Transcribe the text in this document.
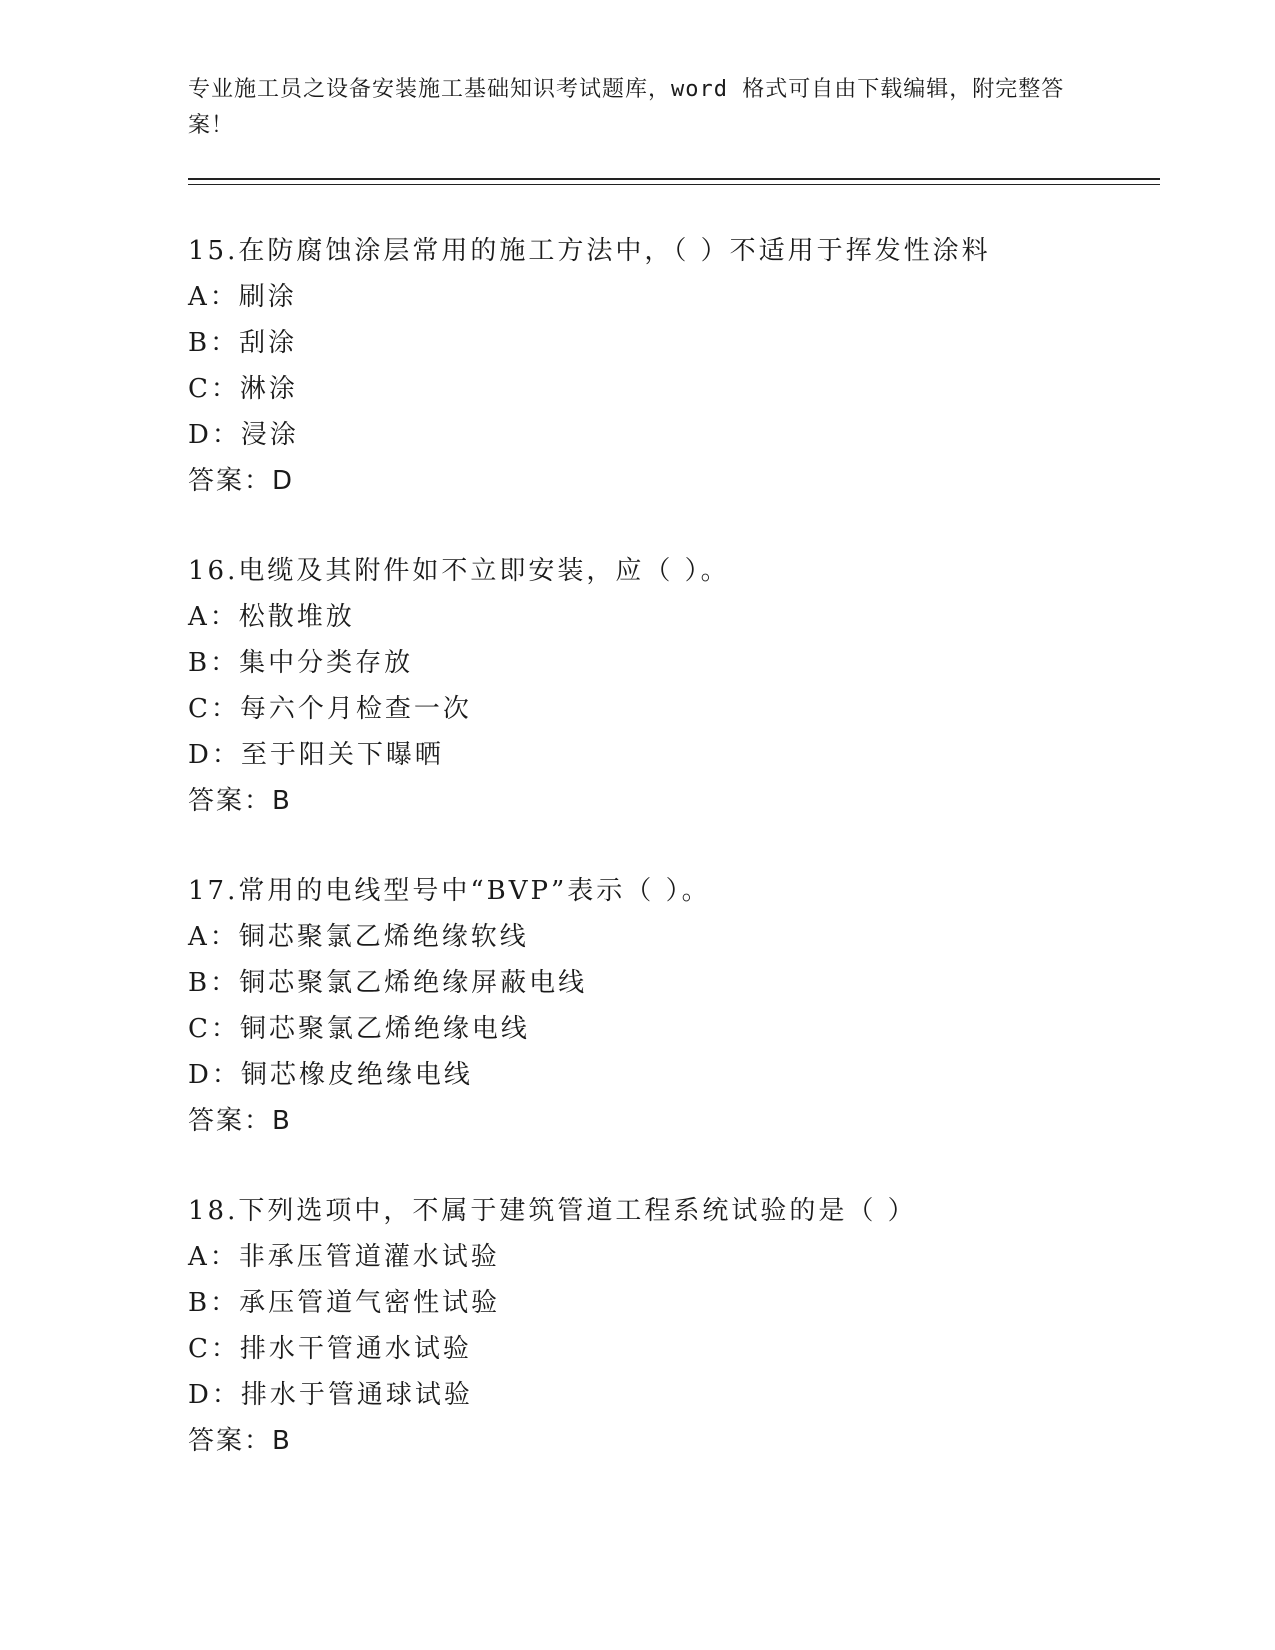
专业施工员之设备安装施工基础知识考试题库，word 格式可自由下载编辑，附完整答案！
15.在防腐蚀涂层常用的施工方法中，（ ）不适用于挥发性涂料
A：刷涂
B：刮涂
C：淋涂
D：浸涂
答案：D
16.电缆及其附件如不立即安装，应（ ）。
A：松散堆放
B：集中分类存放
C：每六个月检查一次
D：至于阳关下曝晒
答案：B
17.常用的电线型号中“BVP”表示（ ）。
A：铜芯聚氯乙烯绝缘软线
B：铜芯聚氯乙烯绝缘屏蔽电线
C：铜芯聚氯乙烯绝缘电线
D：铜芯橡皮绝缘电线
答案：B
18.下列选项中，不属于建筑管道工程系统试验的是（ ）
A：非承压管道灌水试验
B：承压管道气密性试验
C：排水干管通水试验
D：排水于管通球试验
答案：B
